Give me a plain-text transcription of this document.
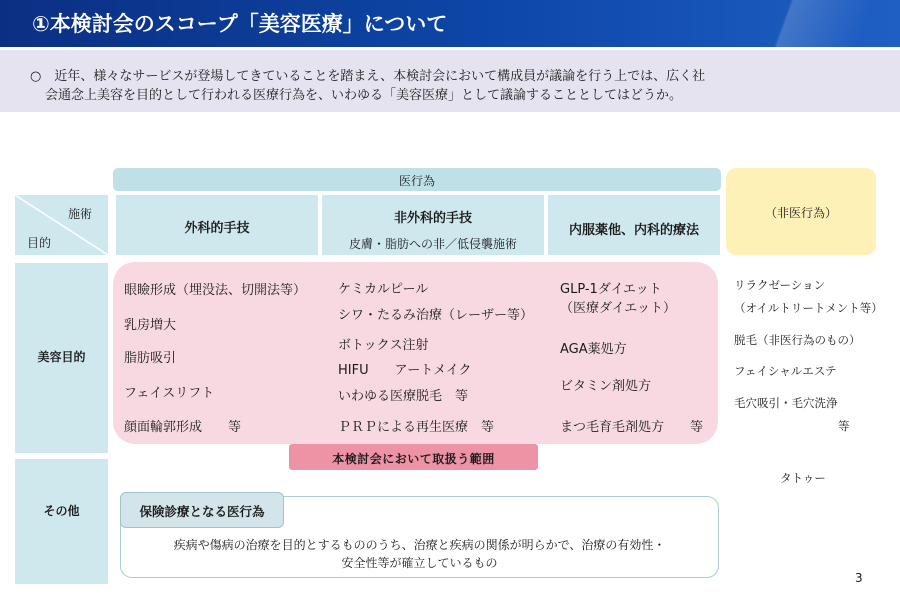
①本検討会のスコープ「美容医療」について
○　近年、様々なサービスが登場してきていることを踏まえ、本検討会において構成員が議論を行う上では、広く社
会通念上美容を目的として行われる医療行為を、いわゆる「美容医療」として議論することとしてはどうか。
医行為
施術
目的
外科的手技
非外科的手技
皮膚・脂肪への非／低侵襲施術
内服薬他、内科的療法
（非医行為）
美容目的
その他
眼瞼形成（埋没法、切開法等）
乳房増大
脂肪吸引
フェイスリフト
顔面輪郭形成　　等
ケミカルピール
シワ・たるみ治療（レーザー等）
ボトックス注射
HIFU　　アートメイク
いわゆる医療脱毛　等
ＰＲＰによる再生医療　等
GLP-1ダイエット
（医療ダイエット）
AGA薬処方
ビタミン剤処方
まつ毛育毛剤処方　　等
本検討会において取扱う範囲
リラクゼーション
（オイルトリートメント等）
脱毛（非医行為のもの）
フェイシャルエステ
毛穴吸引・毛穴洗浄
等
タトゥー
保険診療となる医行為
疾病や傷病の治療を目的とするもののうち、治療と疾病の関係が明らかで、治療の有効性・
安全性等が確立しているもの
3
